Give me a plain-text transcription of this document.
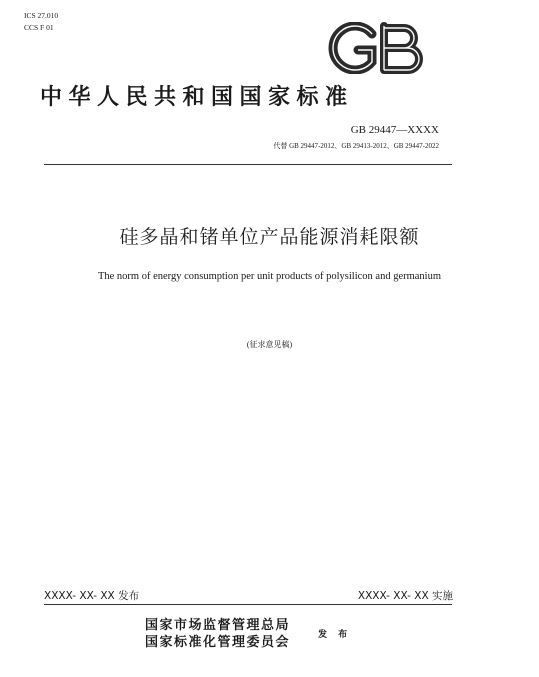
ICS 27.010
CCS F 01
中华人民共和国国家标准
GB 29447—XXXX
代替 GB 29447-2012、GB 29413-2012、GB 29447-2022
硅多晶和锗单位产品能源消耗限额
The norm of energy consumption per unit products of polysilicon and germanium
(征求意见稿)
XXXX- XX- XX 发布	XXXX- XX- XX 实施
国家市场监督管理总局
国家标准化管理委员会	发 布
